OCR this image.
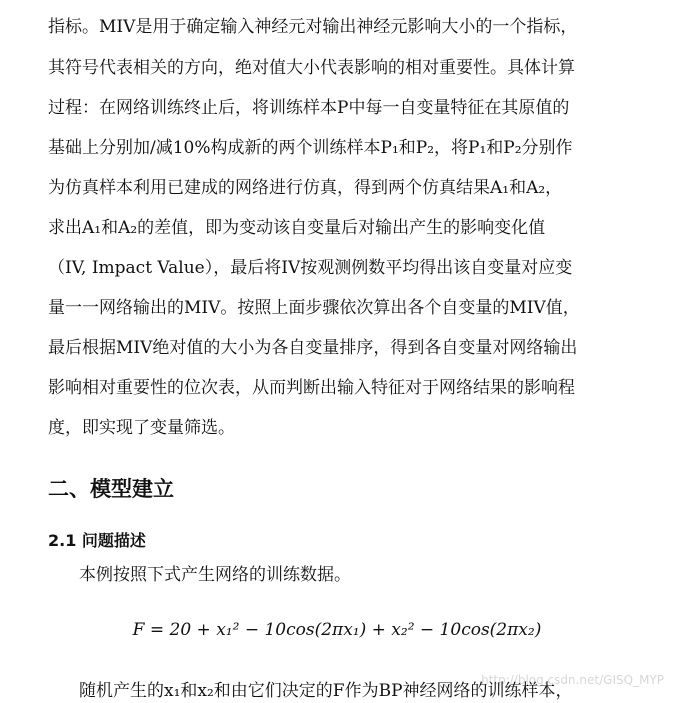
指标。MIV是用于确定输入神经元对输出神经元影响大小的一个指标，
其符号代表相关的方向，绝对值大小代表影响的相对重要性。具体计算
过程：在网络训练终止后，将训练样本P中每一自变量特征在其原值的
基础上分别加/减10%构成新的两个训练样本P₁和P₂，将P₁和P₂分别作
为仿真样本利用已建成的网络进行仿真，得到两个仿真结果A₁和A₂，
求出A₁和A₂的差值，即为变动该自变量后对输出产生的影响变化值
（IV, Impact Value），最后将IV按观测例数平均得出该自变量对应变
量一一网络输出的MIV。按照上面步骤依次算出各个自变量的MIV值，
最后根据MIV绝对值的大小为各自变量排序，得到各自变量对网络输出
影响相对重要性的位次表，从而判断出输入特征对于网络结果的影响程
度，即实现了变量筛选。
二、模型建立
2.1 问题描述
本例按照下式产生网络的训练数据。
F = 20 + x₁² − 10cos(2πx₁) + x₂² − 10cos(2πx₂)
http://blog.csdn.net/GISQ_MYP
随机产生的x₁和x₂和由它们决定的F作为BP神经网络的训练样本，
